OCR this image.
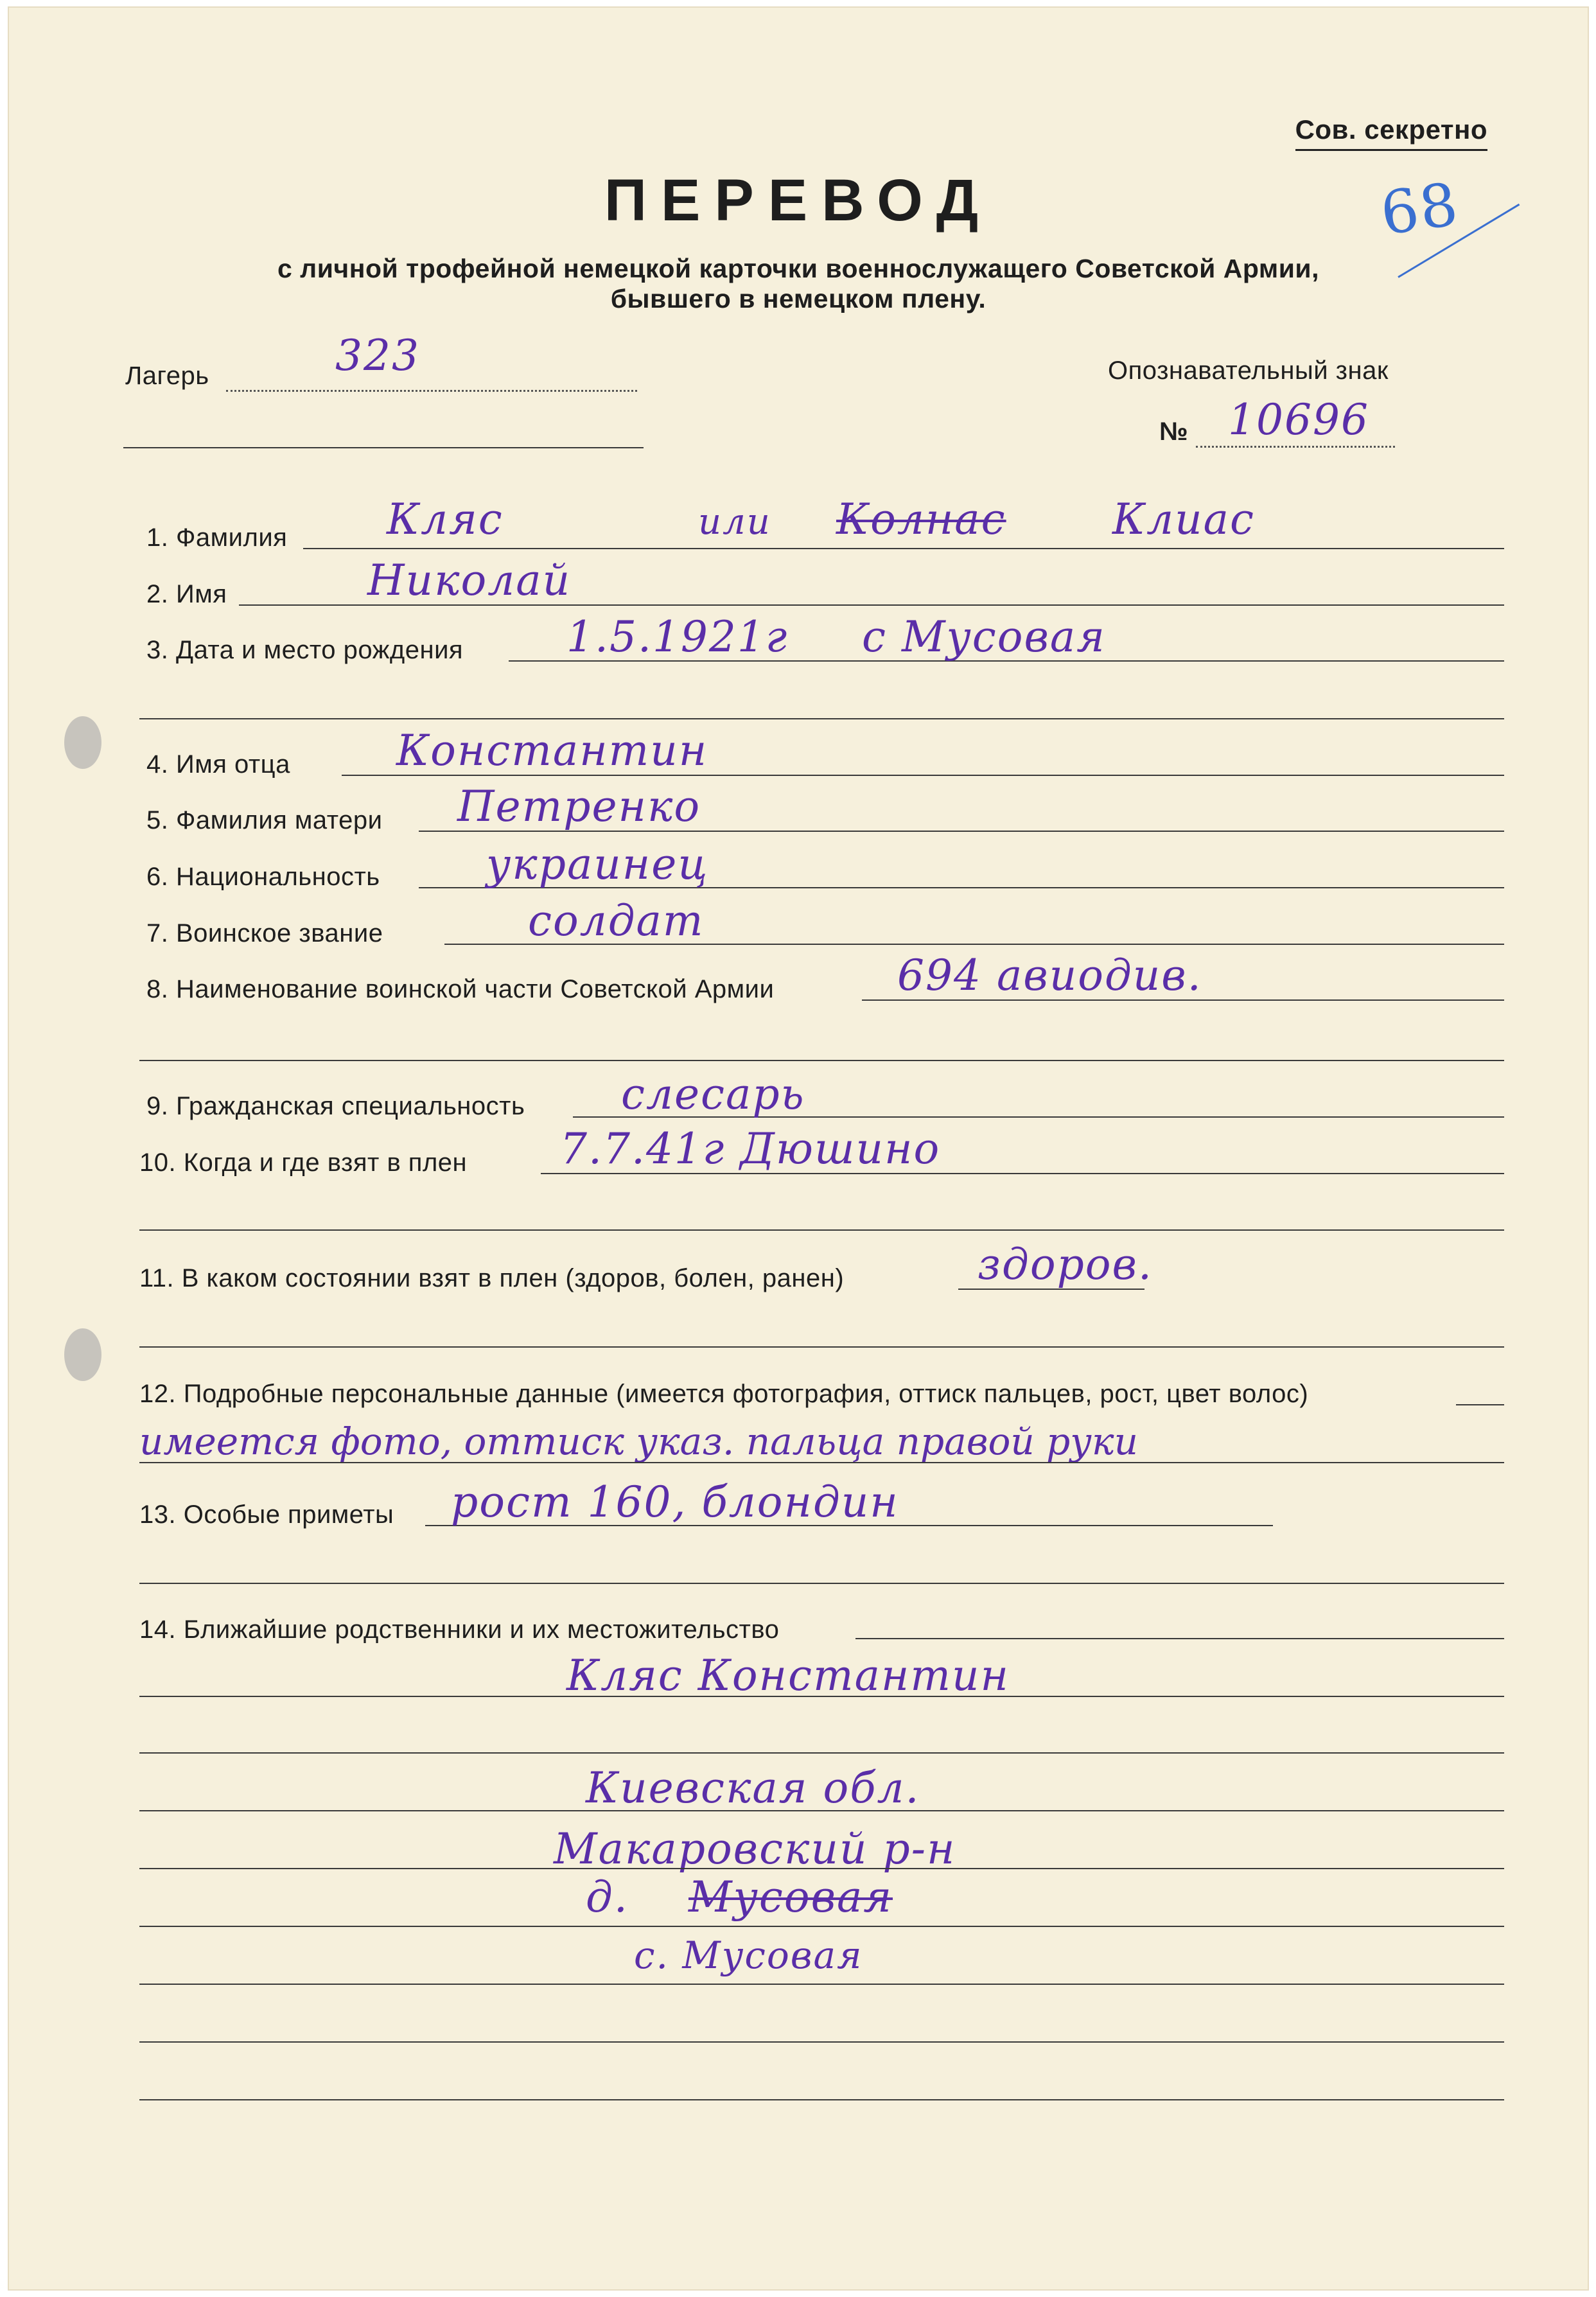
Сов. секретно
68
ПЕРЕВОД
с личной трофейной немецкой карточки военнослужащего Советской Армии,
бывшего в немецком плену.
Лагерь	323	Опознавательный знак
№ 10696
1. Фамилия Кляс	или Колнас	Клиас
2. Имя	Николай
3. Дата и место рождения 1.5.1921г с Мусовая
4. Имя отца	Константин
5. Фамилия матери Петренко
6. Национальность	украинец
7. Воинское звание	солдат
8. Наименование воинской части Советской Армии	694 авиодив.
9. Гражданская специальность слесарь
10. Когда и где взят в плен 7.7.41г Дюшино
11. В каком состоянии взят в плен (здоров, болен, ранен)	здоров.
12. Подробные персональные данные (имеется фотография, оттиск пальцев, рост, цвет волос)
имеется фото, оттиск указ. пальца правой руки
13. Особые приметы рост 160, блондин
14. Ближайшие родственники и их местожительство
Кляс Константин
Киевская обл.
Макаровский р-н
д. Мусовая
с. Мусовая
